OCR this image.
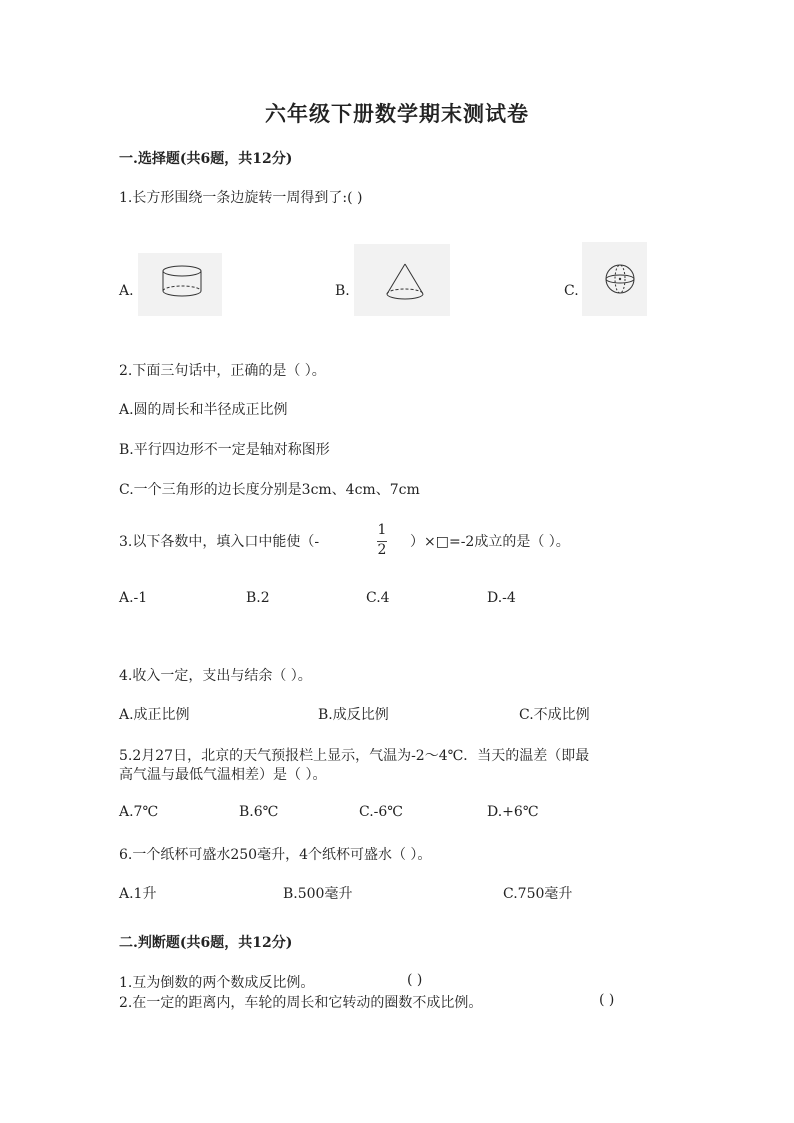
六年级下册数学期末测试卷
一.选择题(共6题，共12分)
1.长方形围绕一条边旋转一周得到了:( )
A.	B.	C.
2.下面三句话中，正确的是（ ）。
A.圆的周长和半径成正比例
B.平行四边形不一定是轴对称图形
C.一个三角形的边长度分别是3cm、4cm、7cm
3.以下各数中，填入口中能使（-
1
2 ）×□=-2成立的是（ ）。
A.-1	B.2	C.4	D.-4
4.收入一定，支出与结余（ ）。
A.成正比例	B.成反比例	C.不成比例
5.2月27日，北京的天气预报栏上显示，气温为-2～4℃．当天的温差（即最
高气温与最低气温相差）是（ ）。
A.7℃	B.6℃	C.-6℃	D.+6℃
6.一个纸杯可盛水250毫升，4个纸杯可盛水（ ）。
A.1升	B.500毫升	C.750毫升
二.判断题(共6题，共12分)
1.互为倒数的两个数成反比例。	( )
2.在一定的距离内，车轮的周长和它转动的圈数不成比例。	( )
